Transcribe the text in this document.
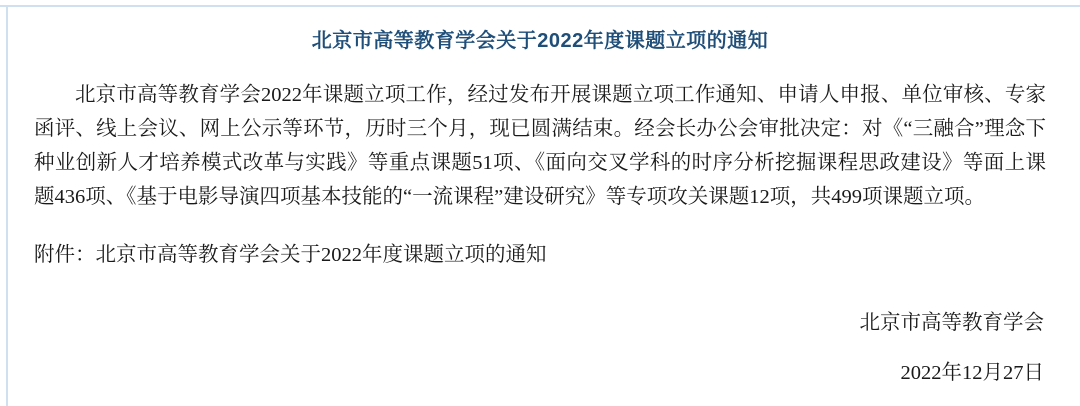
北京市高等教育学会关于2022年度课题立项的通知

北京市高等教育学会2022年课题立项工作，经过发布开展课题立项工作通知、申请人申报、单位审核、专家函评、线上会议、网上公示等环节，历时三个月，现已圆满结束。经会长办公会审批决定：对《“三融合”理念下种业创新人才培养模式改革与实践》等重点课题51项、《面向交叉学科的时序分析挖掘课程思政建设》等面上课题436项、《基于电影导演四项基本技能的“一流课程”建设研究》等专项攻关课题12项，共499项课题立项。

附件：北京市高等教育学会关于2022年度课题立项的通知

北京市高等教育学会
2022年12月27日
